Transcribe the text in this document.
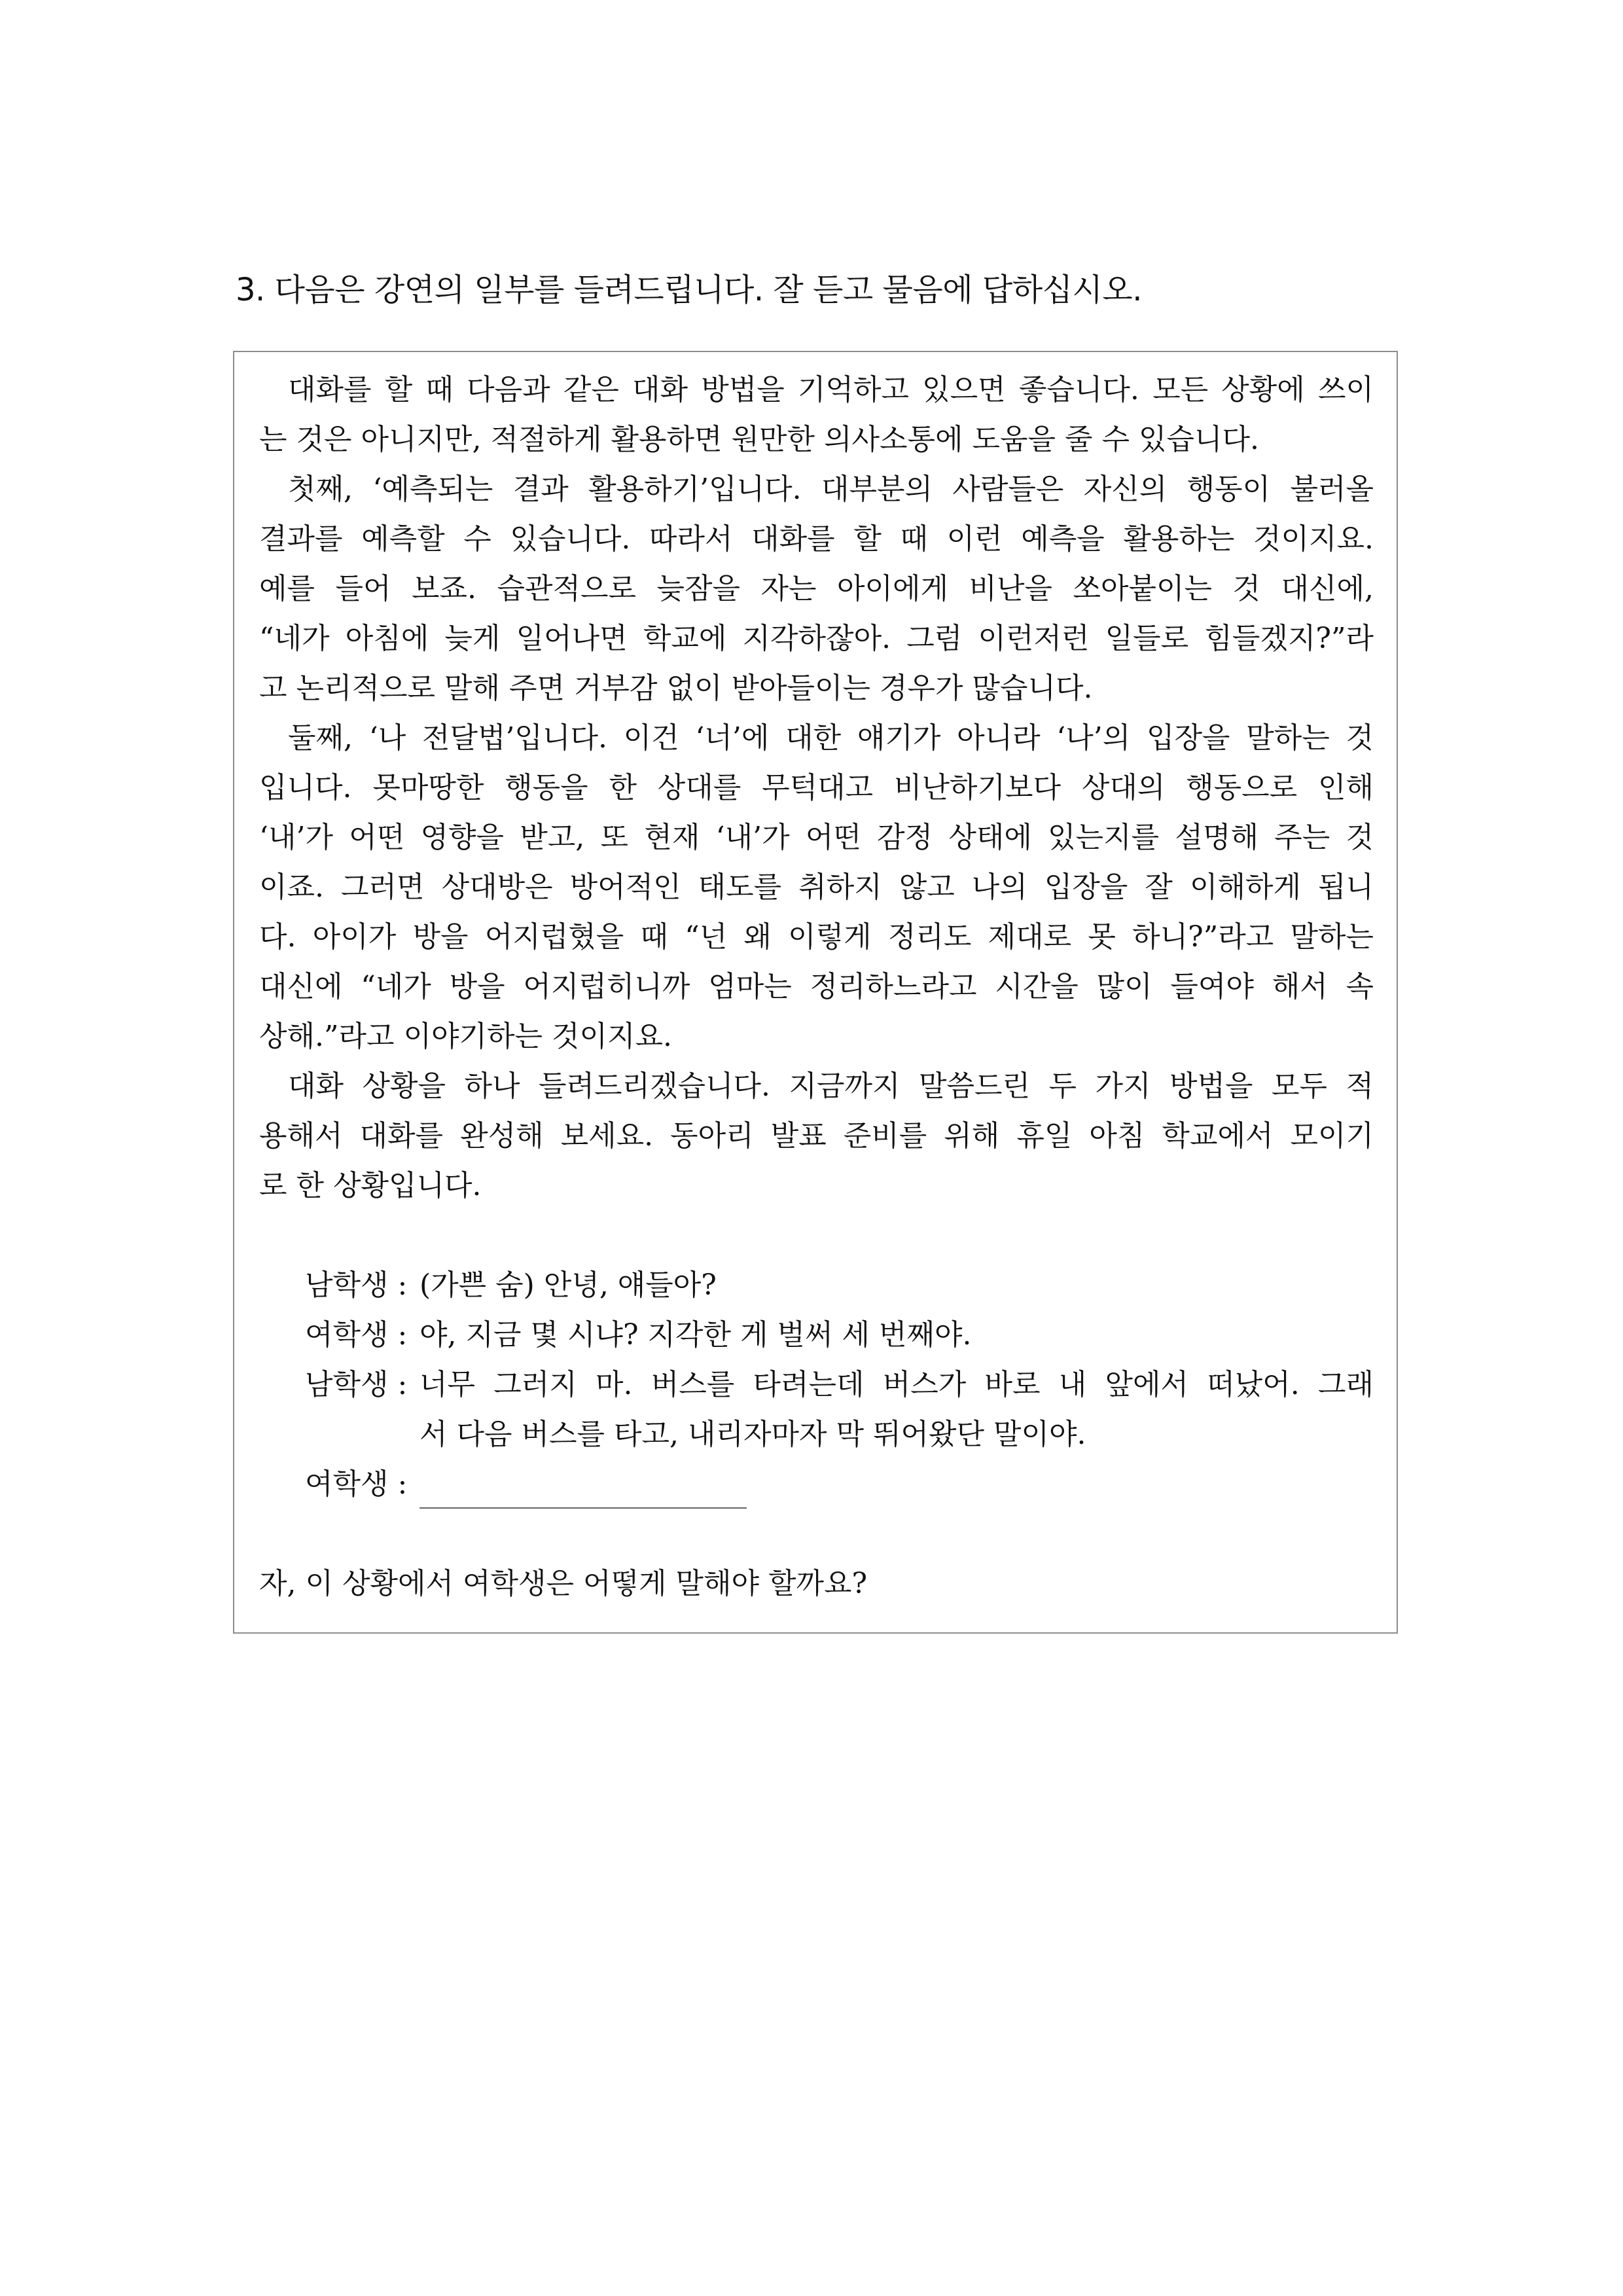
3. 다음은 강연의 일부를 들려드립니다. 잘 듣고 물음에 답하십시오.
대화를 할 때 다음과 같은 대화 방법을 기억하고 있으면 좋습니다. 모든 상황에 쓰이
는 것은 아니지만, 적절하게 활용하면 원만한 의사소통에 도움을 줄 수 있습니다.
첫째, ‘예측되는 결과 활용하기’입니다. 대부분의 사람들은 자신의 행동이 불러올
결과를 예측할 수 있습니다. 따라서 대화를 할 때 이런 예측을 활용하는 것이지요.
예를 들어 보죠. 습관적으로 늦잠을 자는 아이에게 비난을 쏘아붙이는 것 대신에,
“네가 아침에 늦게 일어나면 학교에 지각하잖아. 그럼 이런저런 일들로 힘들겠지?”라
고 논리적으로 말해 주면 거부감 없이 받아들이는 경우가 많습니다.
둘째, ‘나 전달법’입니다. 이건 ‘너’에 대한 얘기가 아니라 ‘나’의 입장을 말하는 것
입니다. 못마땅한 행동을 한 상대를 무턱대고 비난하기보다 상대의 행동으로 인해
‘내’가 어떤 영향을 받고, 또 현재 ‘내’가 어떤 감정 상태에 있는지를 설명해 주는 것
이죠. 그러면 상대방은 방어적인 태도를 취하지 않고 나의 입장을 잘 이해하게 됩니
다. 아이가 방을 어지럽혔을 때 “넌 왜 이렇게 정리도 제대로 못 하니?”라고 말하는
대신에 “네가 방을 어지럽히니까 엄마는 정리하느라고 시간을 많이 들여야 해서 속
상해.”라고 이야기하는 것이지요.
대화 상황을 하나 들려드리겠습니다. 지금까지 말씀드린 두 가지 방법을 모두 적
용해서 대화를 완성해 보세요. 동아리 발표 준비를 위해 휴일 아침 학교에서 모이기
로 한 상황입니다.
남학생 : (가쁜 숨) 안녕, 얘들아?
여학생 : 야, 지금 몇 시냐? 지각한 게 벌써 세 번째야.
남학생 : 너무 그러지 마. 버스를 타려는데 버스가 바로 내 앞에서 떠났어. 그래
서 다음 버스를 타고, 내리자마자 막 뛰어왔단 말이야.
여학생 :
자, 이 상황에서 여학생은 어떻게 말해야 할까요?
